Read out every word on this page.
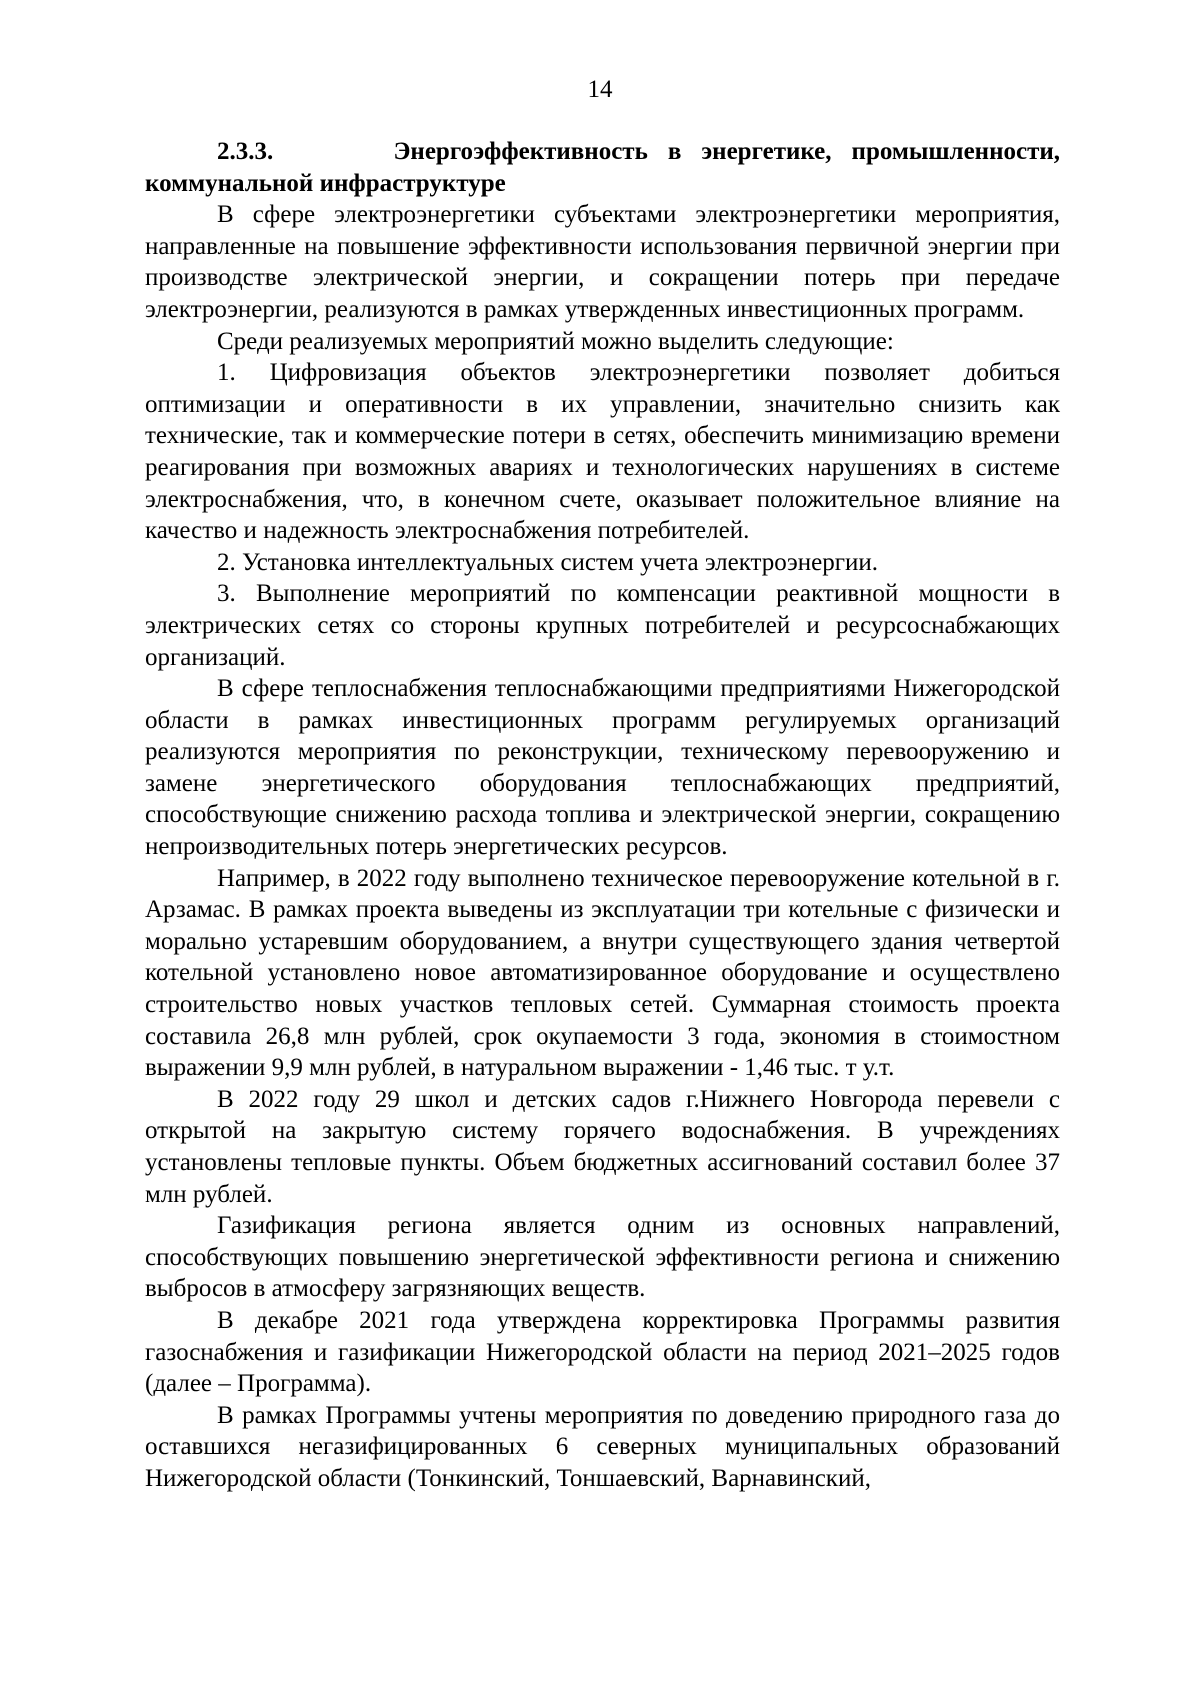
14

2.3.3.	Энергоэффективность в энергетике, промышленности, коммунальной инфраструктуре

В сфере электроэнергетики субъектами электроэнергетики мероприятия, направленные на повышение эффективности использования первичной энергии при производстве электрической энергии, и сокращении потерь при передаче электроэнергии, реализуются в рамках утвержденных инвестиционных программ.

Среди реализуемых мероприятий можно выделить следующие:

1. Цифровизация объектов электроэнергетики позволяет добиться оптимизации и оперативности в их управлении, значительно снизить как технические, так и коммерческие потери в сетях, обеспечить минимизацию времени реагирования при возможных авариях и технологических нарушениях в системе электроснабжения, что, в конечном счете, оказывает положительное влияние на качество и надежность электроснабжения потребителей.

2. Установка интеллектуальных систем учета электроэнергии.

3. Выполнение мероприятий по компенсации реактивной мощности в электрических сетях со стороны крупных потребителей и ресурсоснабжающих организаций.

В сфере теплоснабжения теплоснабжающими предприятиями Нижегородской области в рамках инвестиционных программ регулируемых организаций реализуются мероприятия по реконструкции, техническому перевооружению и замене энергетического оборудования теплоснабжающих предприятий, способствующие снижению расхода топлива и электрической энергии, сокращению непроизводительных потерь энергетических ресурсов.

Например, в 2022 году выполнено техническое перевооружение котельной в г. Арзамас. В рамках проекта выведены из эксплуатации три котельные с физически и морально устаревшим оборудованием, а внутри существующего здания четвертой котельной установлено новое автоматизированное оборудование и осуществлено строительство новых участков тепловых сетей. Суммарная стоимость проекта составила 26,8 млн рублей, срок окупаемости 3 года, экономия в стоимостном выражении 9,9 млн рублей, в натуральном выражении - 1,46 тыс. т у.т.

В 2022 году 29 школ и детских садов г.Нижнего Новгорода перевели с открытой на закрытую систему горячего водоснабжения. В учреждениях установлены тепловые пункты. Объем бюджетных ассигнований составил более 37 млн рублей.

Газификация региона является одним из основных направлений, способствующих повышению энергетической эффективности региона и снижению выбросов в атмосферу загрязняющих веществ.

В декабре 2021 года утверждена корректировка Программы развития газоснабжения и газификации Нижегородской области на период 2021–2025 годов (далее – Программа).

В рамках Программы учтены мероприятия по доведению природного газа до оставшихся негазифицированных 6 северных муниципальных образований Нижегородской области (Тонкинский, Тоншаевский, Варнавинский,
